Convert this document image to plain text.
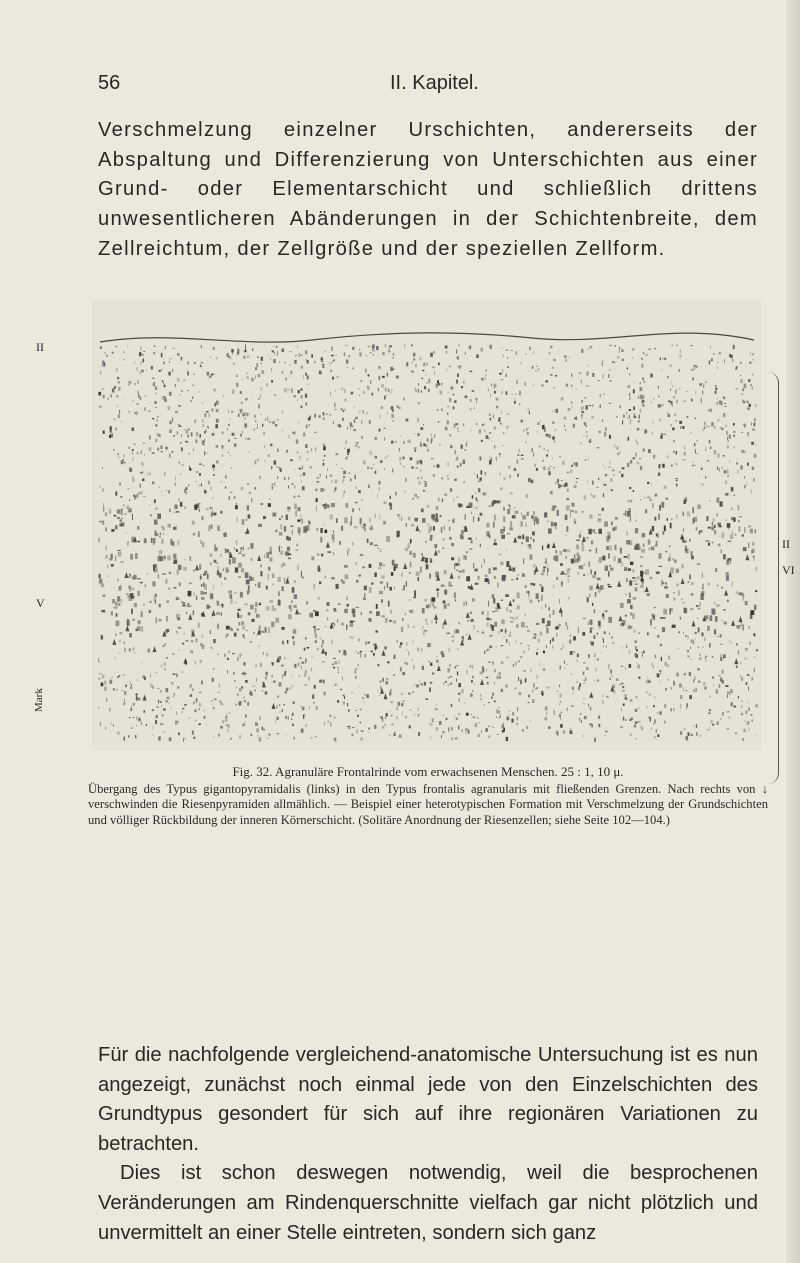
56	II. Kapitel.

Verschmelzung einzelner Urschichten, andererseits der Abspaltung und Differenzierung von Unterschichten aus einer Grund- oder Elementarschicht und schließlich drittens unwesentlicheren Abänderungen in der Schichtenbreite, dem Zellreichtum, der Zellgröße und der speziellen Zellform.

II
V
Mark
II
VI
↓
↑
Fig. 32. Agranuläre Frontalrinde vom erwachsenen Menschen. 25 : 1, 10 μ.
Übergang des Typus gigantopyramidalis (links) in den Typus frontalis agranularis mit fließenden Grenzen. Nach rechts von ↓ verschwinden die Riesenpyramiden allmählich. — Beispiel einer heterotypischen Formation mit Verschmelzung der Grundschichten und völliger Rückbildung der inneren Körnerschicht. (Solitäre Anordnung der Riesenzellen; siehe Seite 102—104.)

Für die nachfolgende vergleichend-anatomische Untersuchung ist es nun angezeigt, zunächst noch einmal jede von den Einzelschichten des Grundtypus gesondert für sich auf ihre regionären Variationen zu betrachten.

Dies ist schon deswegen notwendig, weil die besprochenen Veränderungen am Rindenquerschnitte vielfach gar nicht plötzlich und unvermittelt an einer Stelle eintreten, sondern sich ganz
